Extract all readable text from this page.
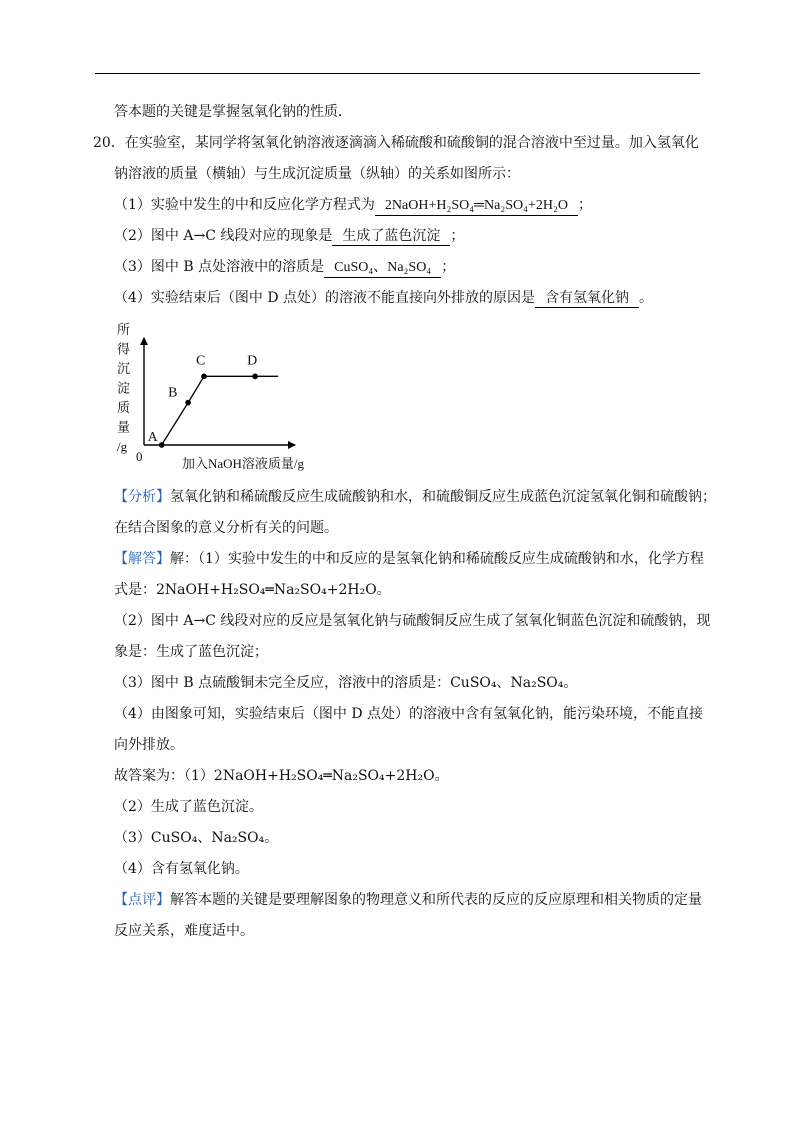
答本题的关键是掌握氢氧化钠的性质．
20．在实验室，某同学将氢氧化钠溶液逐滴滴入稀硫酸和硫酸铜的混合溶液中至过量。加入氢氧化
钠溶液的质量（横轴）与生成沉淀质量（纵轴）的关系如图所示：
（1）实验中发生的中和反应化学方程式为 2NaOH+H₂SO₄═Na₂SO₄+2H₂O ；
（2）图中 A→C 线段对应的现象是 生成了蓝色沉淀 ；
（3）图中 B 点处溶液中的溶质是 CuSO₄、Na₂SO₄ ；
（4）实验结束后（图中 D 点处）的溶液不能直接向外排放的原因是 含有氢氧化钠 。
所
得
沉
淀
质
量
/g
0	加入NaOH溶液质量/g
A
B
C	D
【分析】氢氧化钠和稀硫酸反应生成硫酸钠和水，和硫酸铜反应生成蓝色沉淀氢氧化铜和硫酸钠；
在结合图象的意义分析有关的问题。
【解答】解：（1）实验中发生的中和反应的是氢氧化钠和稀硫酸反应生成硫酸钠和水，化学方程
式是：2NaOH+H₂SO₄═Na₂SO₄+2H₂O。
（2）图中 A→C 线段对应的反应是氢氧化钠与硫酸铜反应生成了氢氧化铜蓝色沉淀和硫酸钠，现
象是：生成了蓝色沉淀；
（3）图中 B 点硫酸铜未完全反应，溶液中的溶质是：CuSO₄、Na₂SO₄。
（4）由图象可知，实验结束后（图中 D 点处）的溶液中含有氢氧化钠，能污染环境，不能直接
向外排放。
故答案为：（1）2NaOH+H₂SO₄═Na₂SO₄+2H₂O。
（2）生成了蓝色沉淀。
（3）CuSO₄、Na₂SO₄。
（4）含有氢氧化钠。
【点评】解答本题的关键是要理解图象的物理意义和所代表的反应的反应原理和相关物质的定量
反应关系，难度适中。
